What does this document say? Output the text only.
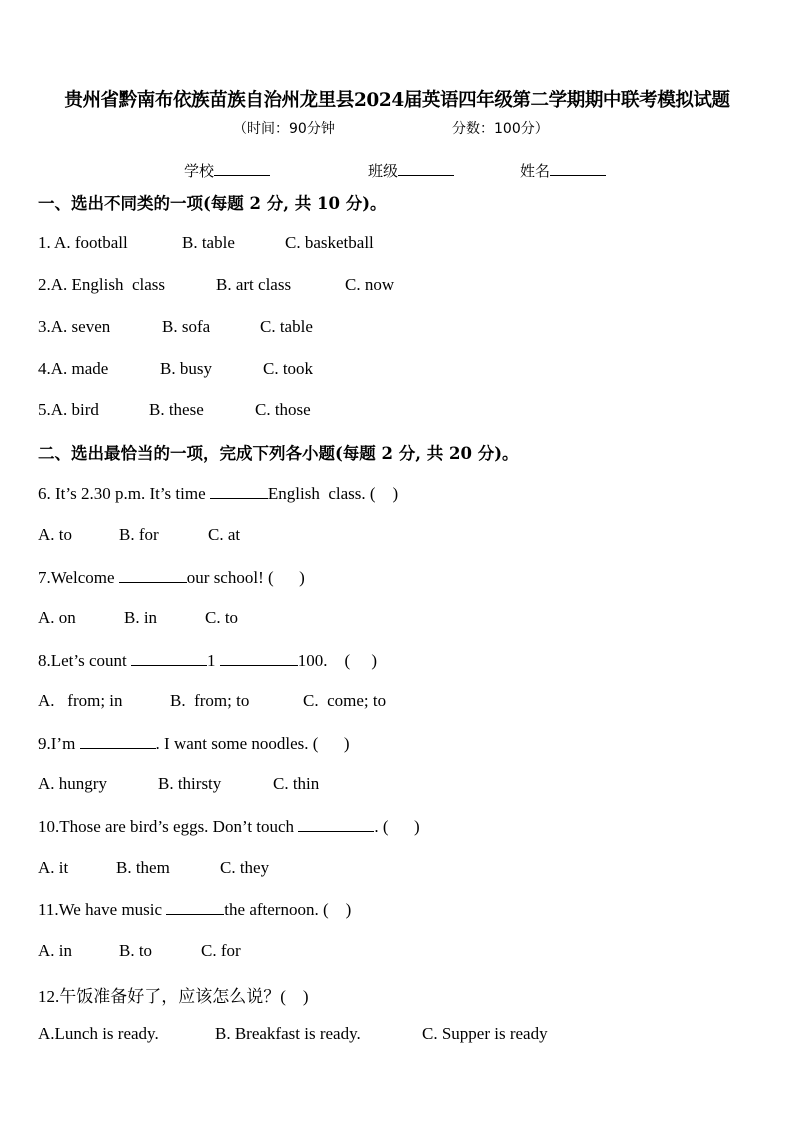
贵州省黔南布依族苗族自治州龙里县2024届英语四年级第二学期期中联考模拟试题
（时间：90分钟	分数：100分）
学校	班级	姓名
一、选出不同类的一项(每题 2 分, 共 10 分)。
1. A. football	B. table	C. basketball
2.A. English  class	B. art class	C. now
3.A. seven	B. sofa	C. table
4.A. made	B. busy	C. took
5.A. bird	B. these	C. those
二、选出最恰当的一项，完成下列各小题(每题 2 分, 共 20 分)。
6. It’s 2.30 p.m. It’s time	English  class. (    )
A. to	B. for	C. at
7.Welcome	our school! (      )
A. on	B. in	C. to
8.Let’s count	1	100.    (     )
A.   from; in	B.  from; to	C.  come; to
9.I’m	. I want some noodles. (      )
A. hungry	B. thirsty	C. thin
10.Those are bird’s eggs. Don’t touch	. (      )
A. it	B. them	C. they
11.We have music	the afternoon. (    )
A. in	B. to	C. for
12.午饭准备好了，应该怎么说？(    )
A.Lunch is ready.	B. Breakfast is ready.	C. Supper is ready
